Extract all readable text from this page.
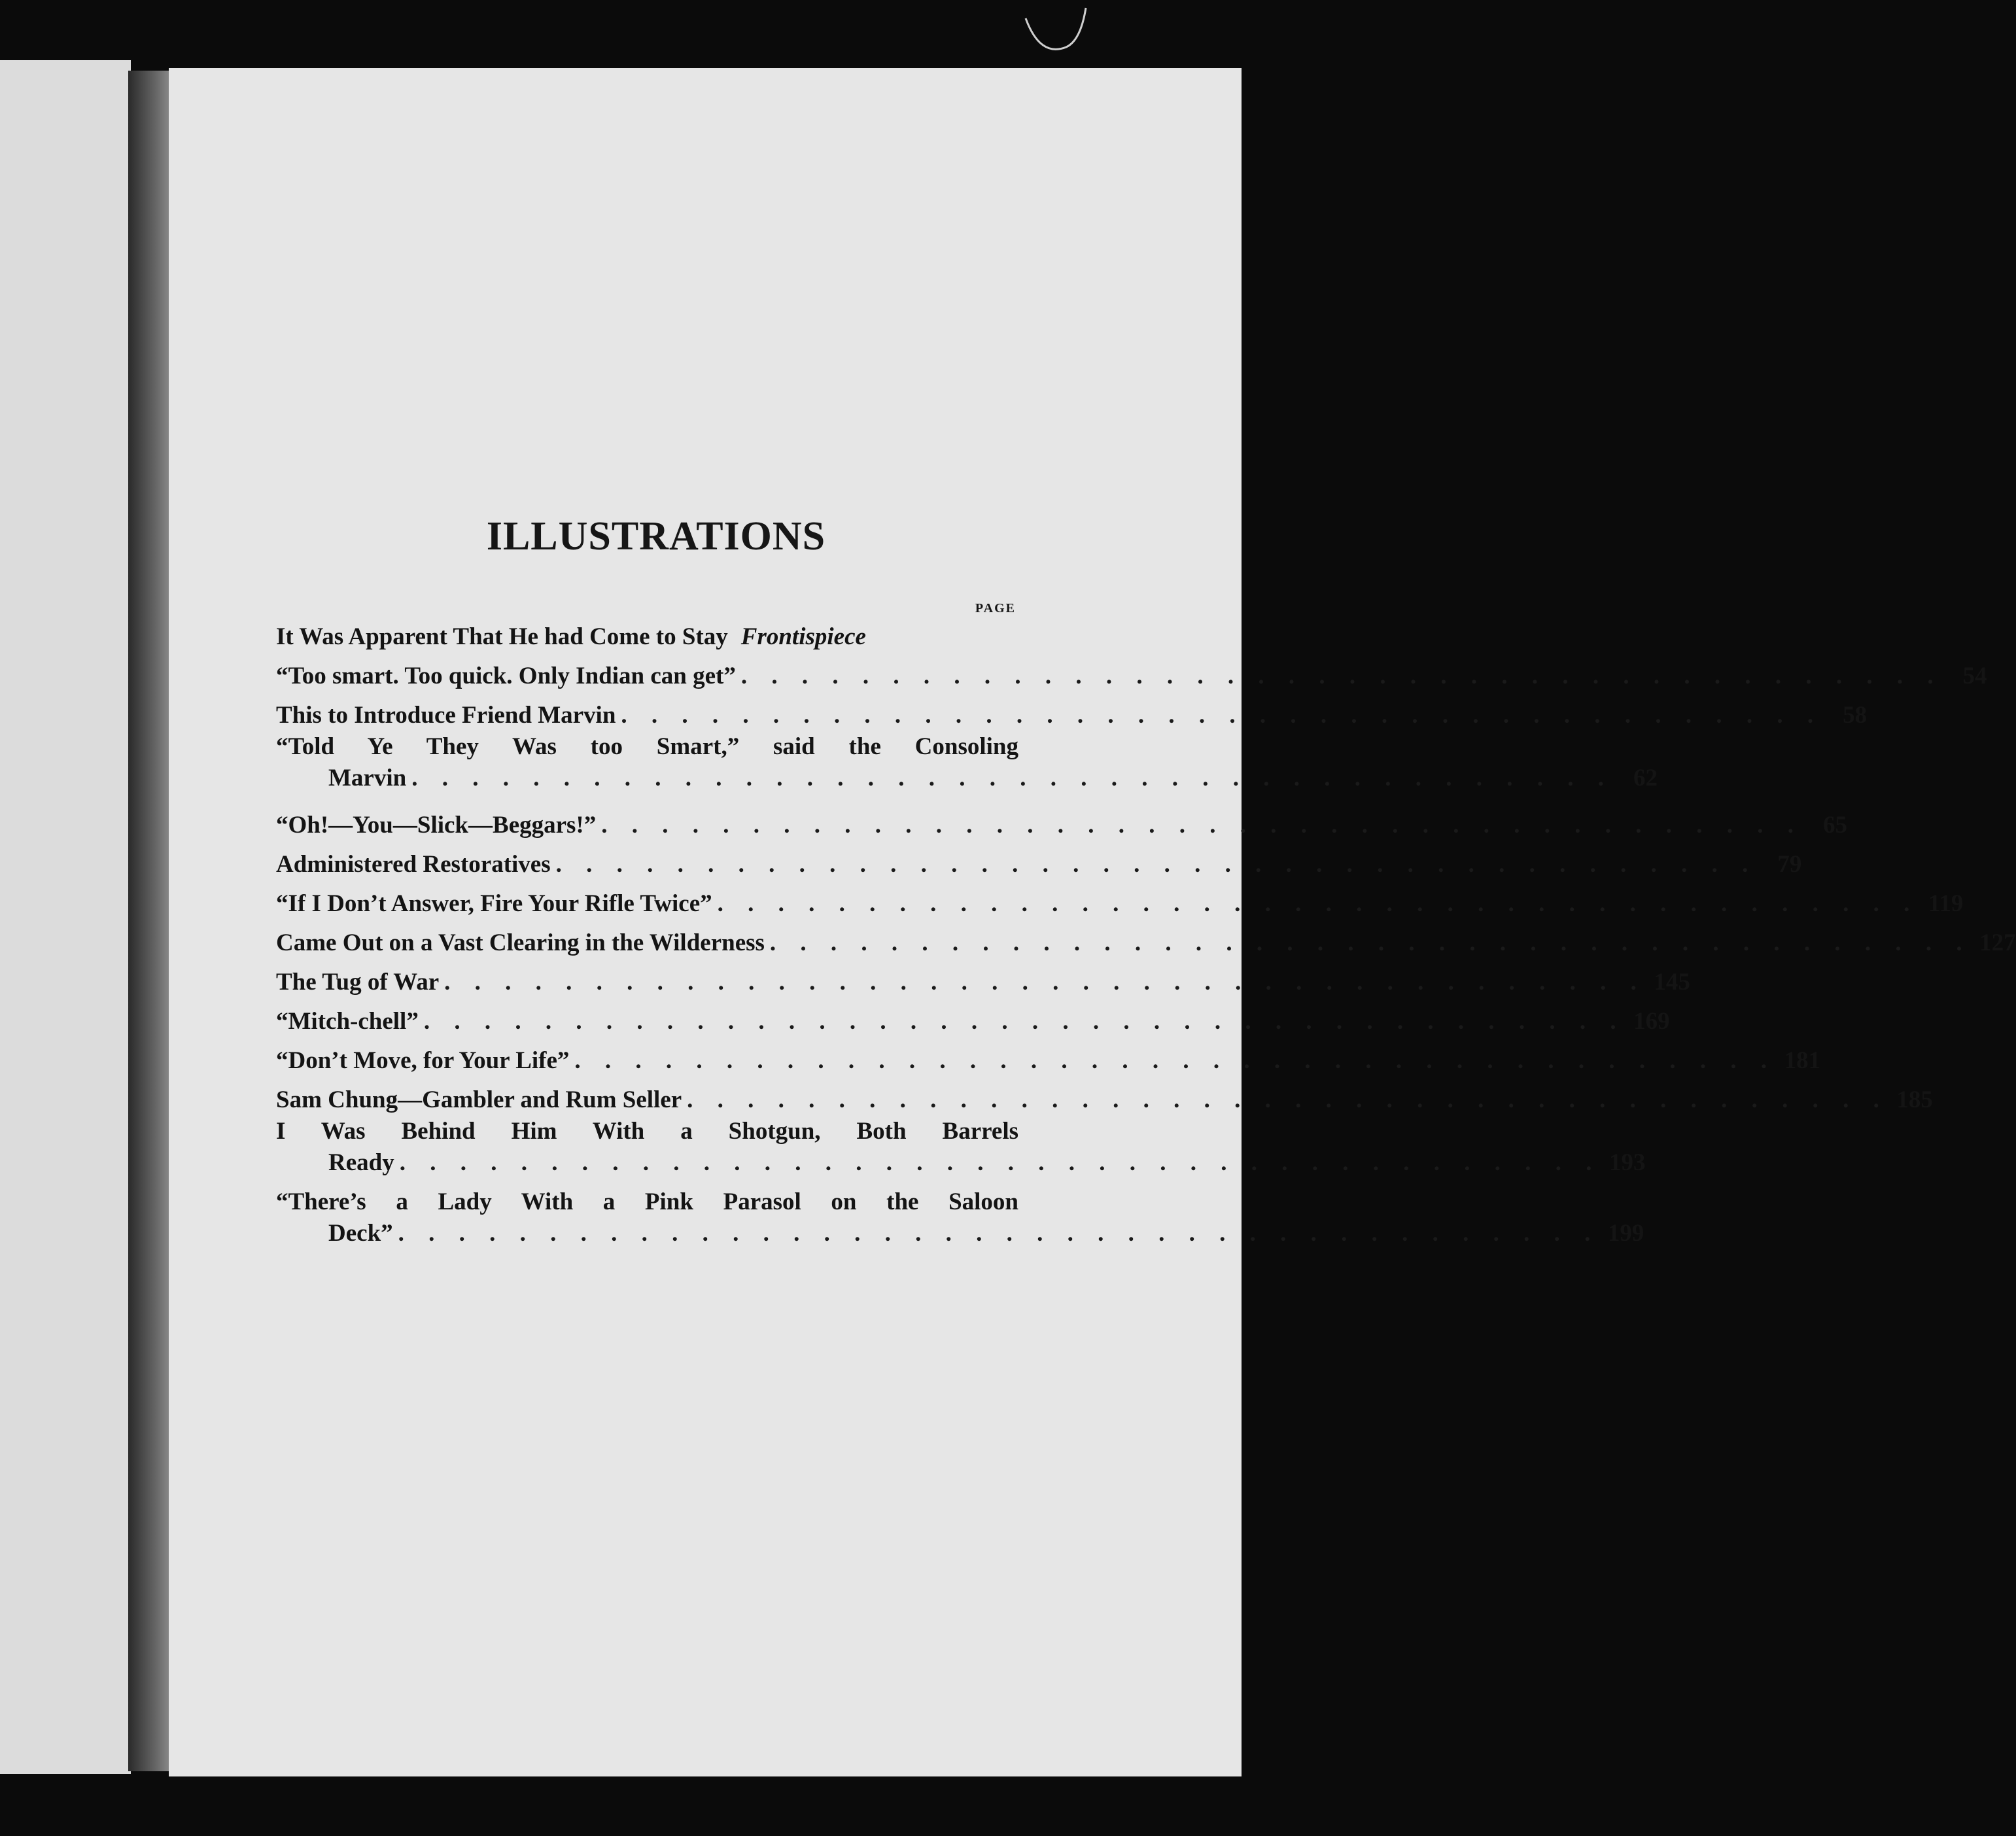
ILLUSTRATIONS
PAGE
It Was Apparent That He had Come to Stay Frontispiece
“Too smart. Too quick. Only Indian can get” . . . . . . . . . . . . . . . . . . . . . . . . . . . . . . . . . . . . . . . . 54
This to Introduce Friend Marvin . . . . . . . . . . . . . . . . . . . . . . . . . . . . . . . . . . . . . . . . 58
“Told Ye They Was too Smart,” said the Consoling
Marvin . . . . . . . . . . . . . . . . . . . . . . . . . . . . . . . . . . . . . . . . 62
“Oh!—You—Slick—Beggars!” . . . . . . . . . . . . . . . . . . . . . . . . . . . . . . . . . . . . . . . . 65
Administered Restoratives . . . . . . . . . . . . . . . . . . . . . . . . . . . . . . . . . . . . . . . . 79
“If I Don’t Answer, Fire Your Rifle Twice” . . . . . . . . . . . . . . . . . . . . . . . . . . . . . . . . . . . . . . . . 119
Came Out on a Vast Clearing in the Wilderness . . . . . . . . . . . . . . . . . . . . . . . . . . . . . . . . . . . . . . . . 127
The Tug of War . . . . . . . . . . . . . . . . . . . . . . . . . . . . . . . . . . . . . . . . 145
“Mitch-chell” . . . . . . . . . . . . . . . . . . . . . . . . . . . . . . . . . . . . . . . . 169
“Don’t Move, for Your Life” . . . . . . . . . . . . . . . . . . . . . . . . . . . . . . . . . . . . . . . . 181
Sam Chung—Gambler and Rum Seller . . . . . . . . . . . . . . . . . . . . . . . . . . . . . . . . . . . . . . . . 185
I Was Behind Him With a Shotgun, Both Barrels
Ready . . . . . . . . . . . . . . . . . . . . . . . . . . . . . . . . . . . . . . . . 193
“There’s a Lady With a Pink Parasol on the Saloon
Deck” . . . . . . . . . . . . . . . . . . . . . . . . . . . . . . . . . . . . . . . . 199
